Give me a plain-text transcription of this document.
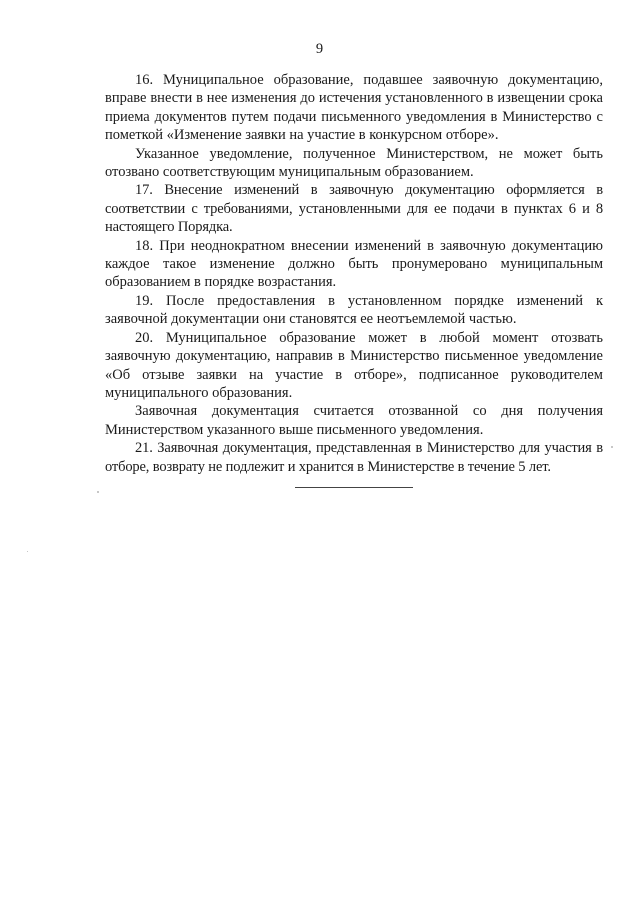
9

16. Муниципальное образование, подавшее заявочную документацию, вправе внести в нее изменения до истечения установленного в извещении срока приема документов путем подачи письменного уведомления в Министерство с пометкой «Изменение заявки на участие в конкурсном отборе».

Указанное уведомление, полученное Министерством, не может быть отозвано соответствующим муниципальным образованием.

17. Внесение изменений в заявочную документацию оформляется в соответствии с требованиями, установленными для ее подачи в пунктах 6 и 8 настоящего Порядка.

18. При неоднократном внесении изменений в заявочную документацию каждое такое изменение должно быть пронумеровано муниципальным образованием в порядке возрастания.

19. После предоставления в установленном порядке изменений к заявочной документации они становятся ее неотъемлемой частью.

20. Муниципальное образование может в любой момент отозвать заявочную документацию, направив в Министерство письменное уведомление «Об отзыве заявки на участие в отборе», подписанное руководителем муниципального образования.

Заявочная документация считается отозванной со дня получения Министерством указанного выше письменного уведомления.

21. Заявочная документация, представленная в Министерство для участия в отборе, возврату не подлежит и хранится в Министерстве в течение 5 лет.
